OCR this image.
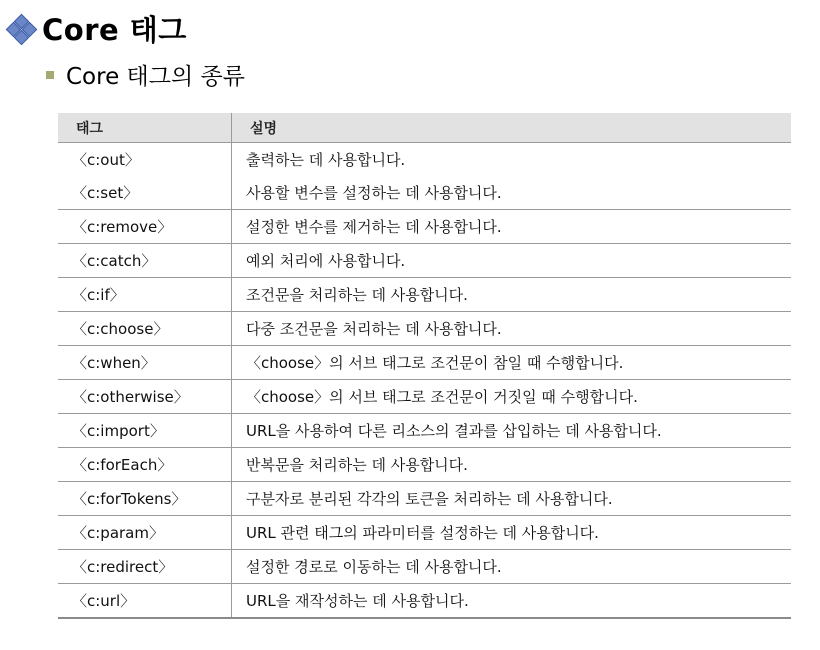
Core 태그
Core 태그의 종류
태그	설명
〈c:out〉	출력하는 데 사용합니다.
〈c:set〉	사용할 변수를 설정하는 데 사용합니다.
〈c:remove〉	설정한 변수를 제거하는 데 사용합니다.
〈c:catch〉	예외 처리에 사용합니다.
〈c:if〉	조건문을 처리하는 데 사용합니다.
〈c:choose〉	다중 조건문을 처리하는 데 사용합니다.
〈c:when〉	〈choose〉의 서브 태그로 조건문이 참일 때 수행합니다.
〈c:otherwise〉	〈choose〉의 서브 태그로 조건문이 거짓일 때 수행합니다.
〈c:import〉	URL을 사용하여 다른 리소스의 결과를 삽입하는 데 사용합니다.
〈c:forEach〉	반복문을 처리하는 데 사용합니다.
〈c:forTokens〉	구분자로 분리된 각각의 토큰을 처리하는 데 사용합니다.
〈c:param〉	URL 관련 태그의 파라미터를 설정하는 데 사용합니다.
〈c:redirect〉	설정한 경로로 이동하는 데 사용합니다.
〈c:url〉	URL을 재작성하는 데 사용합니다.
